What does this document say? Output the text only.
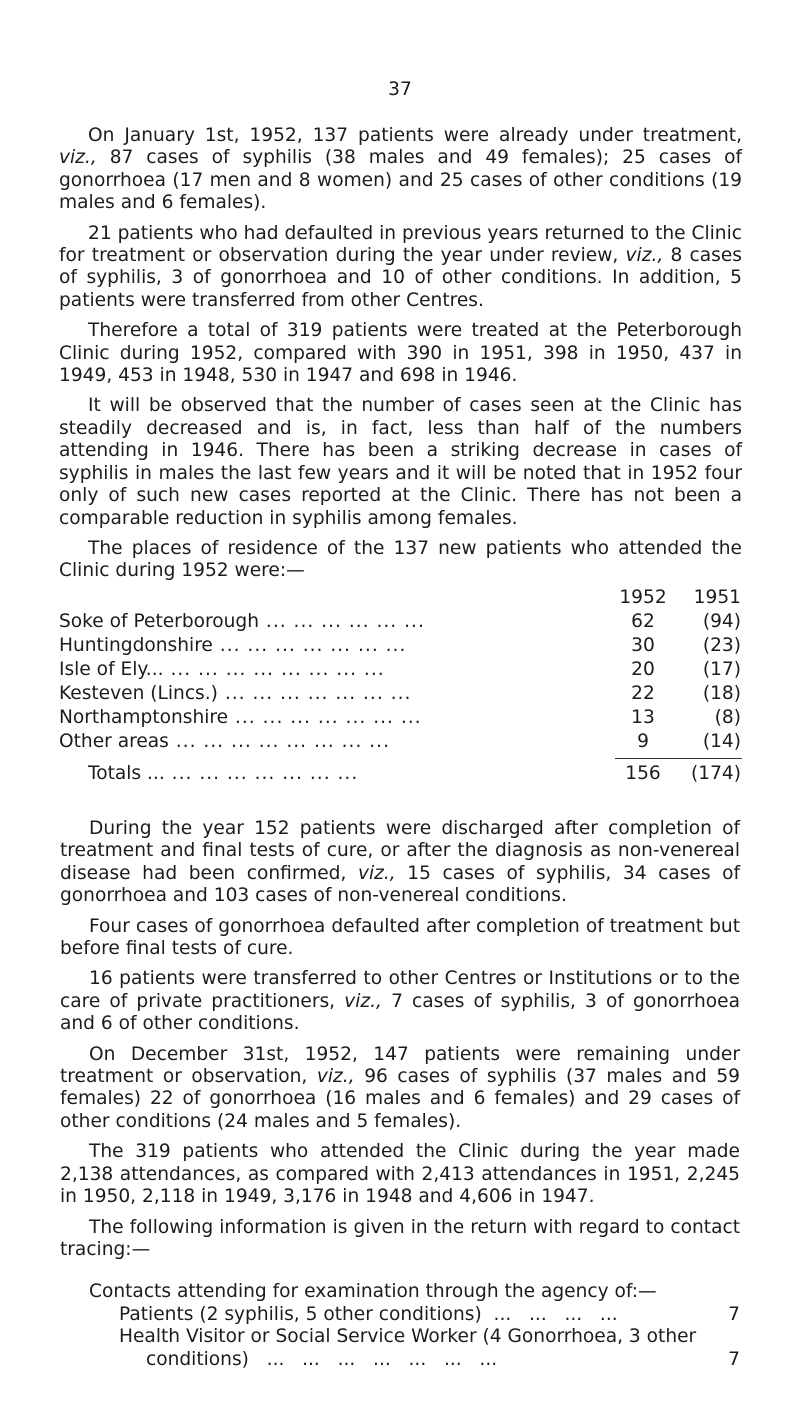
37

On January 1st, 1952, 137 patients were already under treatment, viz., 87 cases of syphilis (38 males and 49 females); 25 cases of gonorrhoea (17 men and 8 women) and 25 cases of other conditions (19 males and 6 females).

21 patients who had defaulted in previous years returned to the Clinic for treatment or observation during the year under review, viz., 8 cases of syphilis, 3 of gonorrhoea and 10 of other conditions. In addition, 5 patients were transferred from other Centres.

Therefore a total of 319 patients were treated at the Peterborough Clinic during 1952, compared with 390 in 1951, 398 in 1950, 437 in 1949, 453 in 1948, 530 in 1947 and 698 in 1946.

It will be observed that the number of cases seen at the Clinic has steadily decreased and is, in fact, less than half of the numbers attending in 1946. There has been a striking decrease in cases of syphilis in males the last few years and it will be noted that in 1952 four only of such new cases reported at the Clinic. There has not been a comparable reduction in syphilis among females.

The places of residence of the 137 new patients who attended the Clinic during 1952 were:—

1952	1951
Soke of Peterborough ... ... ... ... ... ...	62	(94)
Huntingdonshire ... ... ... ... ... ... ...	30	(23)
Isle of Ely... ... ... ... ... ... ... ... ...	20	(17)
Kesteven (Lincs.) ... ... ... ... ... ... ...	22	(18)
Northamptonshire ... ... ... ... ... ... ...	13	(8)
Other areas ... ... ... ... ... ... ... ...	9	(14)
Totals ... ... ... ... ... ... ... ...	156	(174)

During the year 152 patients were discharged after completion of treatment and final tests of cure, or after the diagnosis as non-venereal disease had been confirmed, viz., 15 cases of syphilis, 34 cases of gonorrhoea and 103 cases of non-venereal conditions.

Four cases of gonorrhoea defaulted after completion of treatment but before final tests of cure.

16 patients were transferred to other Centres or Institutions or to the care of private practitioners, viz., 7 cases of syphilis, 3 of gonorrhoea and 6 of other conditions.

On December 31st, 1952, 147 patients were remaining under treatment or observation, viz., 96 cases of syphilis (37 males and 59 females) 22 of gonorrhoea (16 males and 6 females) and 29 cases of other conditions (24 males and 5 females).

The 319 patients who attended the Clinic during the year made 2,138 attendances, as compared with 2,413 attendances in 1951, 2,245 in 1950, 2,118 in 1949, 3,176 in 1948 and 4,606 in 1947.

The following information is given in the return with regard to contact tracing:—

Contacts attending for examination through the agency of:—
Patients (2 syphilis, 5 other conditions)  ...   ...   ...   ...	7
Health Visitor or Social Service Worker (4 Gonorrhoea, 3 other
conditions)   ...   ...   ...   ...   ...   ...   ...	7
